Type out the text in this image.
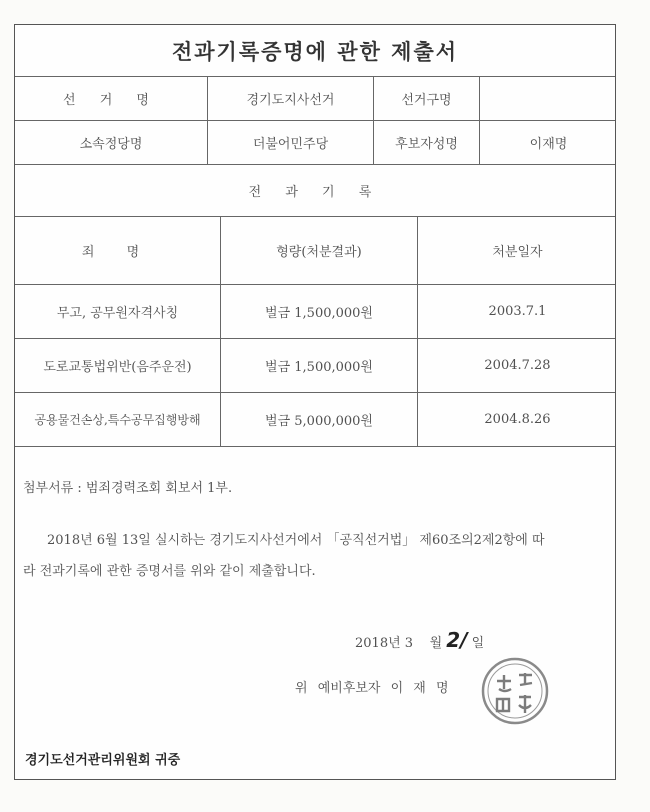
전과기록증명에 관한 제출서
선 거 명	경기도지사선거	선거구명
소속정당명	더불어민주당	후보자성명	이재명
전 과 기 록
죄 명	형량(처분결과)	처분일자
무고, 공무원자격사칭	벌금 1,500,000원	2003.7.1
도로교통법위반(음주운전)	벌금 1,500,000원	2004.7.28
공용물건손상,특수공무집행방해	벌금 5,000,000원	2004.8.26
첨부서류 : 범죄경력조회 회보서 1부.
2018년 6월 13일 실시하는 경기도지사선거에서 「공직선거법」 제60조의2제2항에 따
라 전과기록에 관한 증명서를 위와 같이 제출합니다.
2018년 3 월 2/ 일
위 예비후보자 이 재 명
경기도선거관리위원회 귀중
